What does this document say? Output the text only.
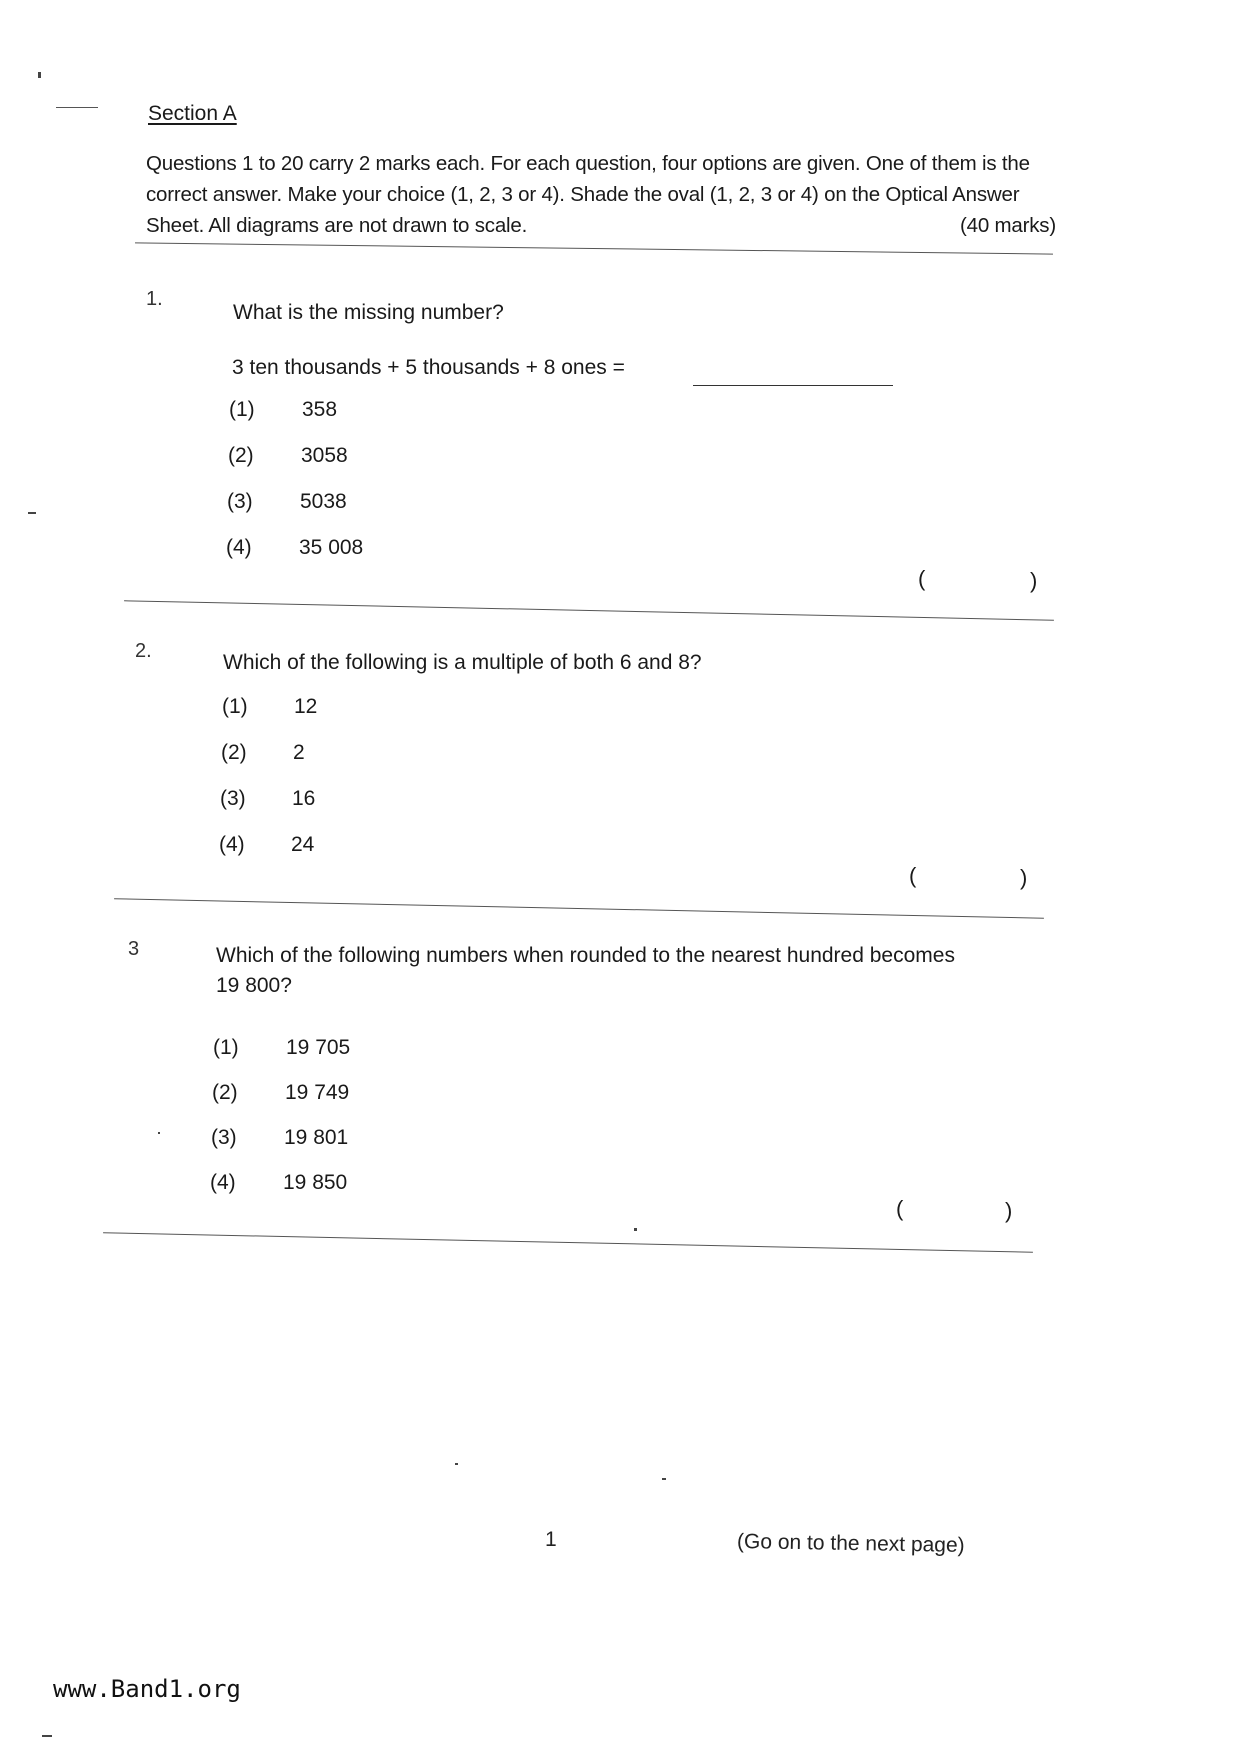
Section A
Questions 1 to 20 carry 2 marks each. For each question, four options are given. One of them is the correct answer. Make your choice (1, 2, 3 or 4). Shade the oval (1, 2, 3 or 4) on the Optical Answer Sheet. All diagrams are not drawn to scale.	(40 marks)
1.
What is the missing number?
3 ten thousands + 5 thousands + 8 ones =
(1) 358
(2) 3058
(3) 5038
(4) 35 008
(	)
2.	Which of the following is a multiple of both 6 and 8?
(1) 12
(2) 2
(3) 16
(4) 24
(	)
3	Which of the following numbers when rounded to the nearest hundred becomes 19 800?
(1) 19 705
(2) 19 749
(3) 19 801
(4) 19 850
(	)
1	(Go on to the next page)
www.Band1.org
